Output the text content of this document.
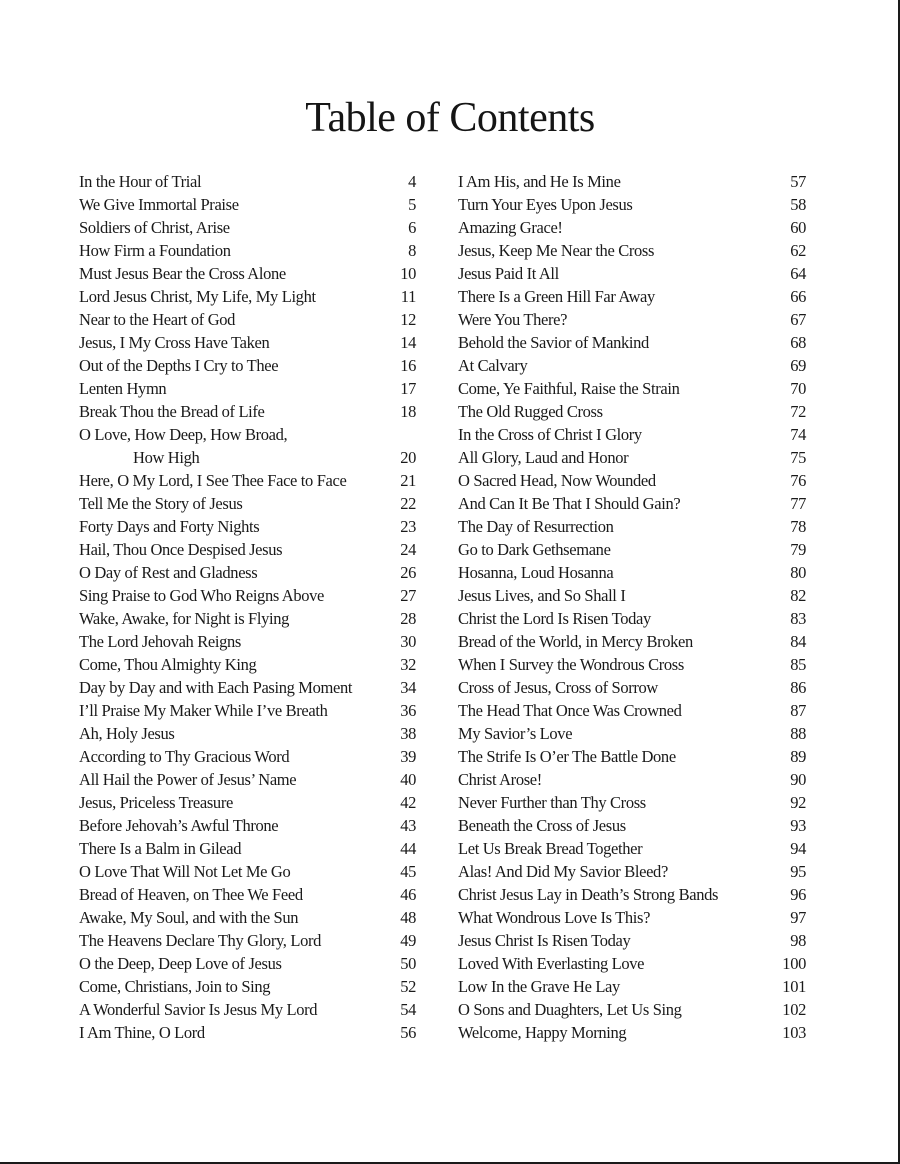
Table of Contents
In the Hour of Trial	4
We Give Immortal Praise	5
Soldiers of Christ, Arise	6
How Firm a Foundation	8
Must Jesus Bear the Cross Alone	10
Lord Jesus Christ, My Life, My Light	11
Near to the Heart of God	12
Jesus, I My Cross Have Taken	14
Out of the Depths I Cry to Thee	16
Lenten Hymn	17
Break Thou the Bread of Life	18
O Love, How Deep, How Broad,
How High	20
Here, O My Lord, I See Thee Face to Face	21
Tell Me the Story of Jesus	22
Forty Days and Forty Nights	23
Hail, Thou Once Despised Jesus	24
O Day of Rest and Gladness	26
Sing Praise to God Who Reigns Above	27
Wake, Awake, for Night is Flying	28
The Lord Jehovah Reigns	30
Come, Thou Almighty King	32
Day by Day and with Each Pasing Moment	34
I’ll Praise My Maker While I’ve Breath	36
Ah, Holy Jesus	38
According to Thy Gracious Word	39
All Hail the Power of Jesus’ Name	40
Jesus, Priceless Treasure	42
Before Jehovah’s Awful Throne	43
There Is a Balm in Gilead	44
O Love That Will Not Let Me Go	45
Bread of Heaven, on Thee We Feed	46
Awake, My Soul, and with the Sun	48
The Heavens Declare Thy Glory, Lord	49
O the Deep, Deep Love of Jesus	50
Come, Christians, Join to Sing	52
A Wonderful Savior Is Jesus My Lord	54
I Am Thine, O Lord	56
I Am His, and He Is Mine	57
Turn Your Eyes Upon Jesus	58
Amazing Grace!	60
Jesus, Keep Me Near the Cross	62
Jesus Paid It All	64
There Is a Green Hill Far Away	66
Were You There?	67
Behold the Savior of Mankind	68
At Calvary	69
Come, Ye Faithful, Raise the Strain	70
The Old Rugged Cross	72
In the Cross of Christ I Glory	74
All Glory, Laud and Honor	75
O Sacred Head, Now Wounded	76
And Can It Be That I Should Gain?	77
The Day of Resurrection	78
Go to Dark Gethsemane	79
Hosanna, Loud Hosanna	80
Jesus Lives, and So Shall I	82
Christ the Lord Is Risen Today	83
Bread of the World, in Mercy Broken	84
When I Survey the Wondrous Cross	85
Cross of Jesus, Cross of Sorrow	86
The Head That Once Was Crowned	87
My Savior’s Love	88
The Strife Is O’er The Battle Done	89
Christ Arose!	90
Never Further than Thy Cross	92
Beneath the Cross of Jesus	93
Let Us Break Bread Together	94
Alas! And Did My Savior Bleed?	95
Christ Jesus Lay in Death’s Strong Bands	96
What Wondrous Love Is This?	97
Jesus Christ Is Risen Today	98
Loved With Everlasting Love	100
Low In the Grave He Lay	101
O Sons and Duaghters, Let Us Sing	102
Welcome, Happy Morning	103
